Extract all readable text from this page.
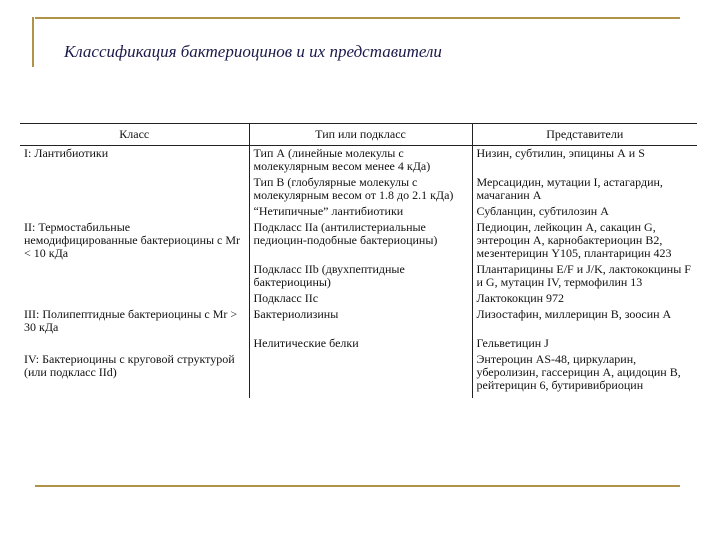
Классификация бактериоцинов и их представители
Класс	Тип или подкласс	Представители
I: Лантибиотики	Тип А (линейные молекулы с молекулярным весом менее 4 кДа)	Низин, субтилин, эпицины А и S
	Тип В (глобулярные молекулы с молекулярным весом от 1.8 до 2.1 кДа)	Мерсацидин, мутации I, астагардин, мачаганин А
	“Нетипичные” лантибиотики	Субланцин, субтилозин А
II: Термостабильные немодифицированные бактериоцины с Mr < 10 кДа	Подкласс IIa (антилистериальные педиоцин-подобные бактериоцины)	Педиоцин, лейкоцин А, сакацин G, энтероцин А, карнобактериоцин В2, мезентерицин Y105, плантарицин 423
	Подкласс IIb (двухпептидные бактериоцины)	Плантарицины Е/F и J/K, лактококцины F и G, мутацин IV, термофилин 13
	Подкласс IIc	Лактококцин 972
III: Полипептидные бактериоцины с Mr > 30 кДа	Бактериолизины	Лизостафин, миллерицин В, зоocин А
	Нелитические белки	Гельветицин J
IV: Бактериоцины с круговой структурой (или подкласс IId)		Энтероцин AS-48, циркуларин, уберолизин, гассерицин А, ацидоцин В, рейтерицин 6, бутиривибриоцин
